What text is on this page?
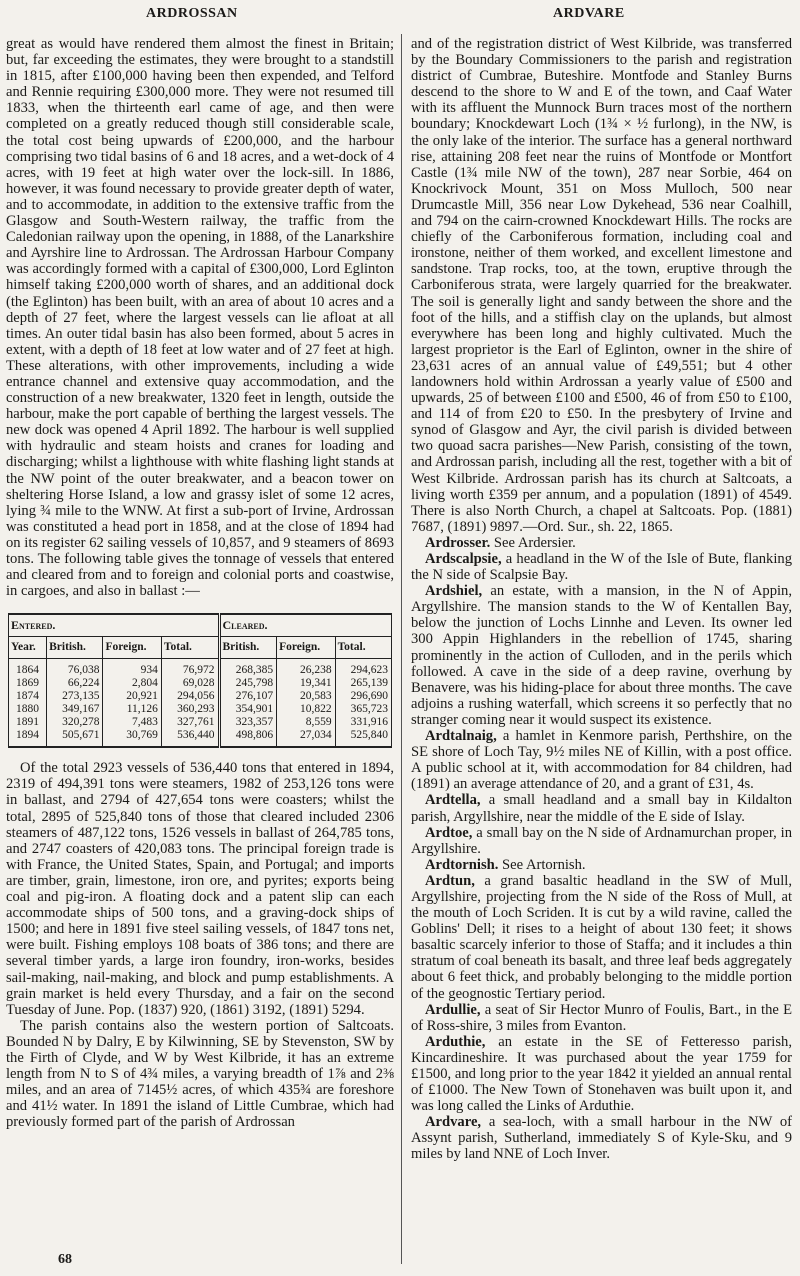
ARDROSSAN	ARDVARE

great as would have rendered them almost the finest in Britain; but, far exceeding the estimates, they were brought to a standstill in 1815, after £100,000 having been then expended, and Telford and Rennie requiring £300,000 more. They were not resumed till 1833, when the thirteenth earl came of age, and then were completed on a greatly reduced though still considerable scale, the total cost being upwards of £200,000, and the harbour comprising two tidal basins of 6 and 18 acres, and a wet-dock of 4 acres, with 19 feet at high water over the lock-sill. In 1886, however, it was found necessary to provide greater depth of water, and to accommodate, in addition to the extensive traffic from the Glasgow and South-Western railway, the traffic from the Caledonian railway upon the opening, in 1888, of the Lanarkshire and Ayrshire line to Ardrossan. The Ardrossan Harbour Company was accordingly formed with a capital of £300,000, Lord Eglinton himself taking £200,000 worth of shares, and an additional dock (the Eglinton) has been built, with an area of about 10 acres and a depth of 27 feet, where the largest vessels can lie afloat at all times. An outer tidal basin has also been formed, about 5 acres in extent, with a depth of 18 feet at low water and of 27 feet at high. These alterations, with other improvements, including a wide entrance channel and extensive quay accommodation, and the construction of a new breakwater, 1320 feet in length, outside the harbour, make the port capable of berthing the largest vessels. The new dock was opened 4 April 1892. The harbour is well supplied with hydraulic and steam hoists and cranes for loading and discharging; whilst a lighthouse with white flashing light stands at the NW point of the outer breakwater, and a beacon tower on sheltering Horse Island, a low and grassy islet of some 12 acres, lying ¾ mile to the WNW. At first a sub-port of Irvine, Ardrossan was constituted a head port in 1858, and at the close of 1894 had on its register 62 sailing vessels of 10,857, and 9 steamers of 8693 tons. The following table gives the tonnage of vessels that entered and cleared from and to foreign and colonial ports and coastwise, in cargoes, and also in ballast :—

Entered.				Cleared.		
Year.	British.	Foreign.	Total.	British.	Foreign.	Total.
1864	76,038	934	76,972	268,385	26,238	294,623
1869	66,224	2,804	69,028	245,798	19,341	265,139
1874	273,135	20,921	294,056	276,107	20,583	296,690
1880	349,167	11,126	360,293	354,901	10,822	365,723
1891	320,278	7,483	327,761	323,357	8,559	331,916
1894	505,671	30,769	536,440	498,806	27,034	525,840

Of the total 2923 vessels of 536,440 tons that entered in 1894, 2319 of 494,391 tons were steamers, 1982 of 253,126 tons were in ballast, and 2794 of 427,654 tons were coasters; whilst the total, 2895 of 525,840 tons of those that cleared included 2306 steamers of 487,122 tons, 1526 vessels in ballast of 264,785 tons, and 2747 coasters of 420,083 tons. The principal foreign trade is with France, the United States, Spain, and Portugal; and imports are timber, grain, limestone, iron ore, and pyrites; exports being coal and pig-iron. A floating dock and a patent slip can each accommodate ships of 500 tons, and a graving-dock ships of 1500; and here in 1891 five steel sailing vessels, of 1847 tons net, were built. Fishing employs 108 boats of 386 tons; and there are several timber yards, a large iron foundry, iron-works, besides sail-making, nail-making, and block and pump establishments. A grain market is held every Thursday, and a fair on the second Tuesday of June. Pop. (1837) 920, (1861) 3192, (1891) 5294.

The parish contains also the western portion of Saltcoats. Bounded N by Dalry, E by Kilwinning, SE by Stevenston, SW by the Firth of Clyde, and W by West Kilbride, it has an extreme length from N to S of 4¾ miles, a varying breadth of 1⅞ and 2⅜ miles, and an area of 7145½ acres, of which 435¾ are foreshore and 41½ water. In 1891 the island of Little Cumbrae, which had previously formed part of the parish of Ardrossan

and of the registration district of West Kilbride, was transferred by the Boundary Commissioners to the parish and registration district of Cumbrae, Buteshire. Montfode and Stanley Burns descend to the shore to W and E of the town, and Caaf Water with its affluent the Munnock Burn traces most of the northern boundary; Knockdewart Loch (1¾ × ½ furlong), in the NW, is the only lake of the interior. The surface has a general northward rise, attaining 208 feet near the ruins of Montfode or Montfort Castle (1¾ mile NW of the town), 287 near Sorbie, 464 on Knockrivock Mount, 351 on Moss Mulloch, 500 near Drumcastle Mill, 356 near Low Dykehead, 536 near Coalhill, and 794 on the cairn-crowned Knockdewart Hills. The rocks are chiefly of the Carboniferous formation, including coal and ironstone, neither of them worked, and excellent limestone and sandstone. Trap rocks, too, at the town, eruptive through the Carboniferous strata, were largely quarried for the breakwater. The soil is generally light and sandy between the shore and the foot of the hills, and a stiffish clay on the uplands, but almost everywhere has been long and highly cultivated. Much the largest proprietor is the Earl of Eglinton, owner in the shire of 23,631 acres of an annual value of £49,551; but 4 other landowners hold within Ardrossan a yearly value of £500 and upwards, 25 of between £100 and £500, 46 of from £50 to £100, and 114 of from £20 to £50. In the presbytery of Irvine and synod of Glasgow and Ayr, the civil parish is divided between two quoad sacra parishes—New Parish, consisting of the town, and Ardrossan parish, including all the rest, together with a bit of West Kilbride. Ardrossan parish has its church at Saltcoats, a living worth £359 per annum, and a population (1891) of 4549. There is also North Church, a chapel at Saltcoats. Pop. (1881) 7687, (1891) 9897.—Ord. Sur., sh. 22, 1865.

Ardrosser. See Ardersier.

Ardscalpsie, a headland in the W of the Isle of Bute, flanking the N side of Scalpsie Bay.

Ardshiel, an estate, with a mansion, in the N of Appin, Argyllshire. The mansion stands to the W of Kentallen Bay, below the junction of Lochs Linnhe and Leven. Its owner led 300 Appin Highlanders in the rebellion of 1745, sharing prominently in the action of Culloden, and in the perils which followed. A cave in the side of a deep ravine, overhung by Benavere, was his hiding-place for about three months. The cave adjoins a rushing waterfall, which screens it so perfectly that no stranger coming near it would suspect its existence.

Ardtalnaig, a hamlet in Kenmore parish, Perthshire, on the SE shore of Loch Tay, 9½ miles NE of Killin, with a post office. A public school at it, with accommodation for 84 children, had (1891) an average attendance of 20, and a grant of £31, 4s.

Ardtella, a small headland and a small bay in Kildalton parish, Argyllshire, near the middle of the E side of Islay.

Ardtoe, a small bay on the N side of Ardnamurchan proper, in Argyllshire.

Ardtornish. See Artornish.

Ardtun, a grand basaltic headland in the SW of Mull, Argyllshire, projecting from the N side of the Ross of Mull, at the mouth of Loch Scriden. It is cut by a wild ravine, called the Goblins' Dell; it rises to a height of about 130 feet; it shows basaltic scarcely inferior to those of Staffa; and it includes a thin stratum of coal beneath its basalt, and three leaf beds aggregately about 6 feet thick, and probably belonging to the middle portion of the geognostic Tertiary period.

Ardullie, a seat of Sir Hector Munro of Foulis, Bart., in the E of Ross-shire, 3 miles from Evanton.

Arduthie, an estate in the SE of Fetteresso parish, Kincardineshire. It was purchased about the year 1759 for £1500, and long prior to the year 1842 it yielded an annual rental of £1000. The New Town of Stonehaven was built upon it, and was long called the Links of Arduthie.

Ardvare, a sea-loch, with a small harbour in the NW of Assynt parish, Sutherland, immediately S of Kyle-Sku, and 9 miles by land NNE of Loch Inver.

68
